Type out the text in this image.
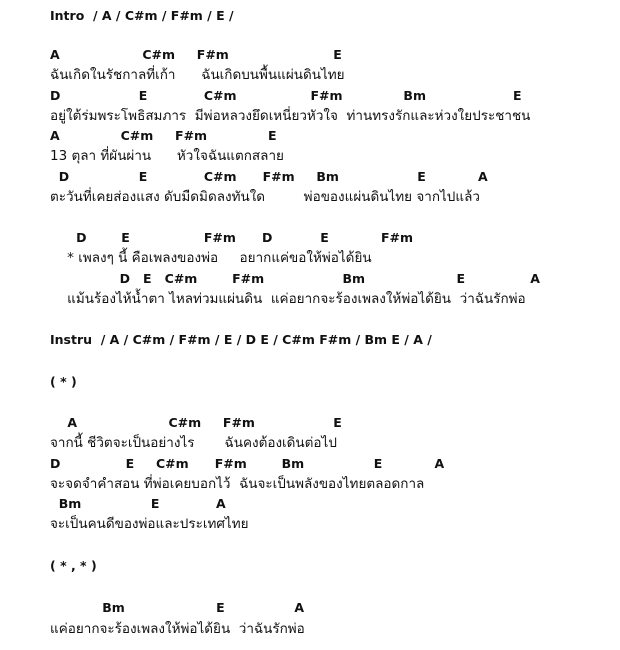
Intro  / A / C#m / F#m / E /
A                   C#m     F#m                        E
ฉันเกิดในรัชกาลที่เก้า      ฉันเกิดบนพื้นแผ่นดินไทย
D                  E             C#m                 F#m              Bm                    E
อยู่ใต้ร่มพระโพธิสมภาร  มีพ่อหลวงยึดเหนี่ยวหัวใจ  ท่านทรงรักและห่วงใยประชาชน
A              C#m     F#m              E
13 ตุลา ที่ผันผ่าน      หัวใจฉันแตกสลาย
D                E             C#m      F#m     Bm                  E            A
ตะวันที่เคยส่องแสง ดับมืดมิดลงทันใด         พ่อของแผ่นดินไทย จากไปแล้ว
D        E                 F#m      D           E            F#m
* เพลงๆ นี้ คือเพลงของพ่อ     อยากแค่ขอให้พ่อได้ยิน
D   E   C#m        F#m                  Bm                     E               A
แม้นร้องไห้น้ำตา ไหลท่วมแผ่นดิน  แค่อยากจะร้องเพลงให้พ่อได้ยิน  ว่าฉันรักพ่อ
Instru  / A / C#m / F#m / E / D E / C#m F#m / Bm E / A /
( * )
A                     C#m     F#m                  E
จากนี้ ชีวิตจะเป็นอย่างไร       ฉันคงต้องเดินต่อไป
D               E     C#m      F#m        Bm                E            A
จะจดจำคำสอน ที่พ่อเคยบอกไว้  ฉันจะเป็นพลังของไทยตลอดกาล
Bm                E             A
จะเป็นคนดีของพ่อและประเทศไทย
( * , * )
Bm                     E                A
แค่อยากจะร้องเพลงให้พ่อได้ยิน  ว่าฉันรักพ่อ
